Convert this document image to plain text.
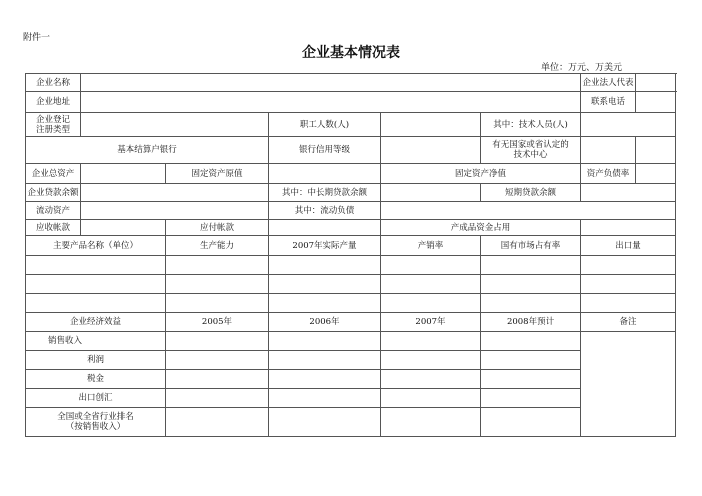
附件一
企业基本情况表
单位：万元、万美元
企业名称						企业法人代表	
企业地址						联系电话	
企业登记
注册类型			职工人数(人)		其中：技术人员(人)		
基本结算户银行			银行信用等级		有无国家或省认定的
技术中心		
企业总资产		固定资产原值		固定资产净值		资产负债率	
企业贷款余额			其中：中长期贷款余额		短期贷款余额		
流动资产			其中：流动负债				
应收帐款		应付帐款		产成品资金占用			
主要产品名称（单位）		生产能力	2007年实际产量	产销率	国有市场占有率	出口量	

企业经济效益		2005年	2006年	2007年	2008年预计	备注	
销售收入							
利润							
税金							
出口创汇							
全国或全省行业排名
（按销售收入）							
